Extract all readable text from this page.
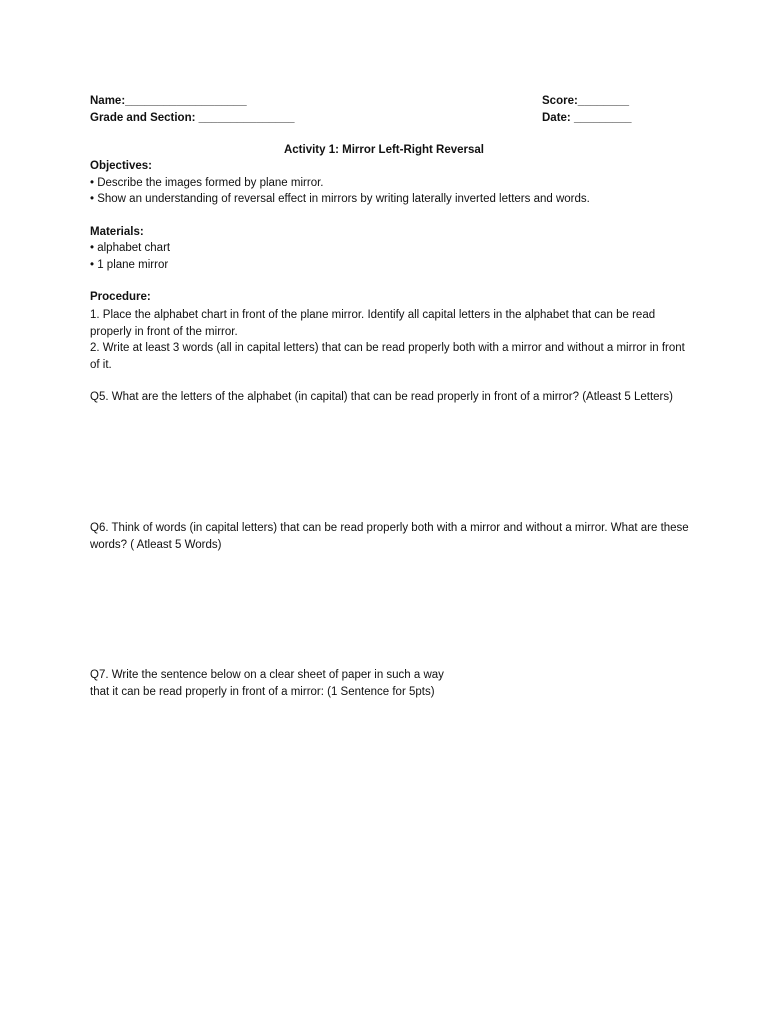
Name:___________________
Grade and Section: _______________
Score:________
Date: _________
Activity 1: Mirror Left-Right Reversal
Objectives:
• Describe the images formed by plane mirror.
• Show an understanding of reversal effect in mirrors by writing laterally inverted letters and words.
Materials:
• alphabet chart
• 1 plane mirror
Procedure:
1. Place the alphabet chart in front of the plane mirror. Identify all capital letters in the alphabet that can be read properly in front of the mirror.
2. Write at least 3 words (all in capital letters) that can be read properly both with a mirror and without a mirror in front of it.
Q5. What are the letters of the alphabet (in capital) that can be read properly in front of a mirror? (Atleast 5 Letters)
Q6. Think of words (in capital letters) that can be read properly both with a mirror and without a mirror. What are these words? ( Atleast 5 Words)
Q7. Write the sentence below on a clear sheet of paper in such a way
that it can be read properly in front of a mirror: (1 Sentence for 5pts)
